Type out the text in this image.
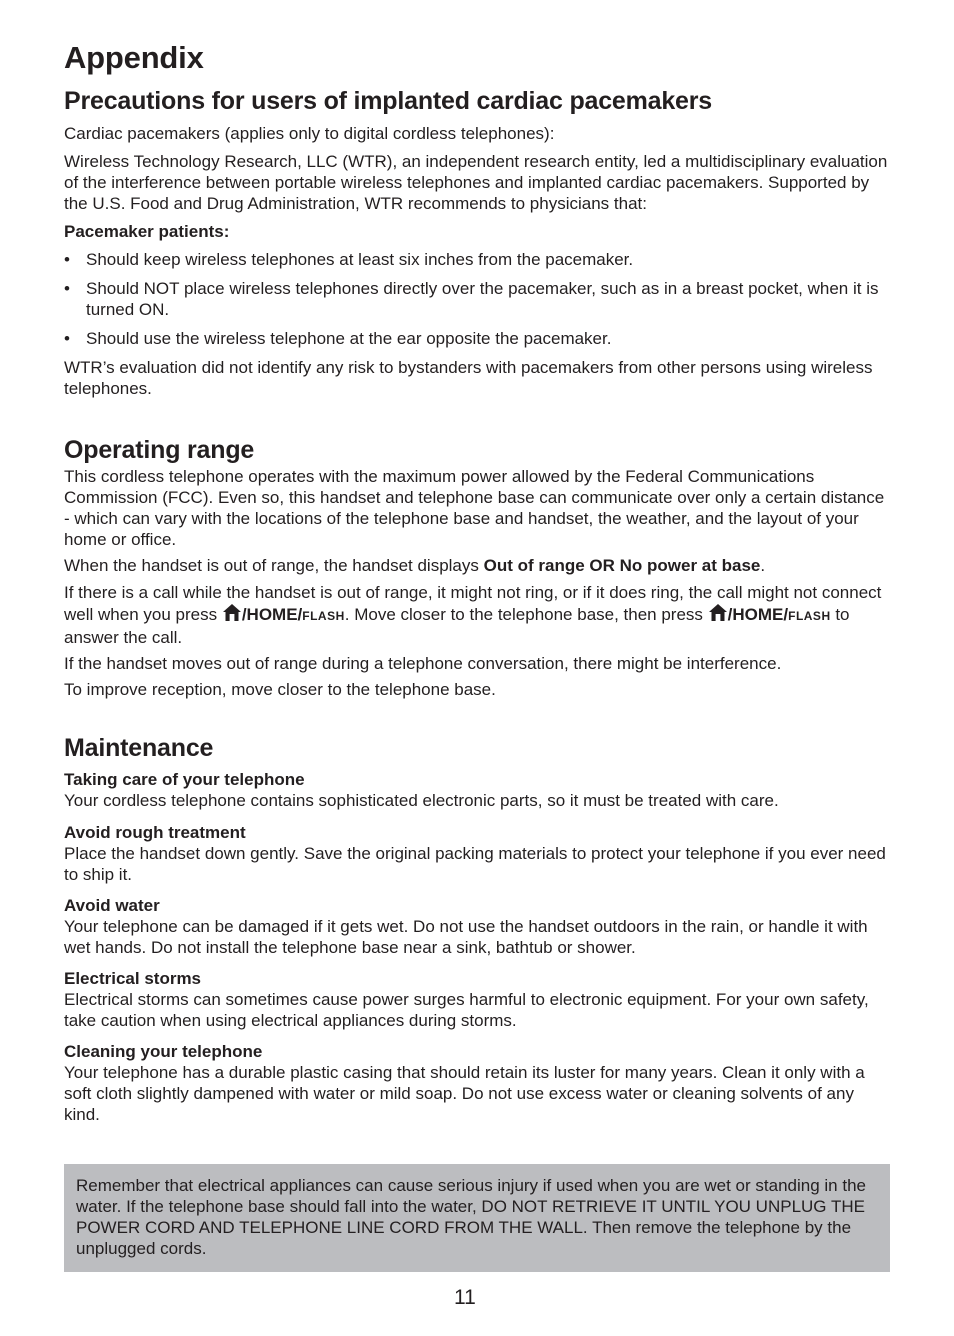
Appendix
Precautions for users of implanted cardiac pacemakers

Cardiac pacemakers (applies only to digital cordless telephones):

Wireless Technology Research, LLC (WTR), an independent research entity, led a multidisciplinary evaluation of the interference between portable wireless telephones and implanted cardiac pacemakers. Supported by the U.S. Food and Drug Administration, WTR recommends to physicians that:

Pacemaker patients:

• Should keep wireless telephones at least six inches from the pacemaker.
• Should NOT place wireless telephones directly over the pacemaker, such as in a breast pocket, when it is turned ON.
• Should use the wireless telephone at the ear opposite the pacemaker.

WTR’s evaluation did not identify any risk to bystanders with pacemakers from other persons using wireless telephones.

Operating range

This cordless telephone operates with the maximum power allowed by the Federal Communications Commission (FCC). Even so, this handset and telephone base can communicate over only a certain distance - which can vary with the locations of the telephone base and handset, the weather, and the layout of your home or office.

When the handset is out of range, the handset displays Out of range OR No power at base.

If there is a call while the handset is out of range, it might not ring, or if it does ring, the call might not connect well when you press /HOME/FLASH. Move closer to the telephone base, then press /HOME/FLASH to answer the call.

If the handset moves out of range during a telephone conversation, there might be interference.

To improve reception, move closer to the telephone base.

Maintenance

Taking care of your telephone

Your cordless telephone contains sophisticated electronic parts, so it must be treated with care.

Avoid rough treatment

Place the handset down gently. Save the original packing materials to protect your telephone if you ever need to ship it.

Avoid water

Your telephone can be damaged if it gets wet. Do not use the handset outdoors in the rain, or handle it with wet hands. Do not install the telephone base near a sink, bathtub or shower.

Electrical storms

Electrical storms can sometimes cause power surges harmful to electronic equipment. For your own safety, take caution when using electrical appliances during storms.

Cleaning your telephone

Your telephone has a durable plastic casing that should retain its luster for many years. Clean it only with a soft cloth slightly dampened with water or mild soap. Do not use excess water or cleaning solvents of any kind.

Remember that electrical appliances can cause serious injury if used when you are wet or standing in the water. If the telephone base should fall into the water, DO NOT RETRIEVE IT UNTIL YOU UNPLUG THE POWER CORD AND TELEPHONE LINE CORD FROM THE WALL. Then remove the telephone by the unplugged cords.

11
